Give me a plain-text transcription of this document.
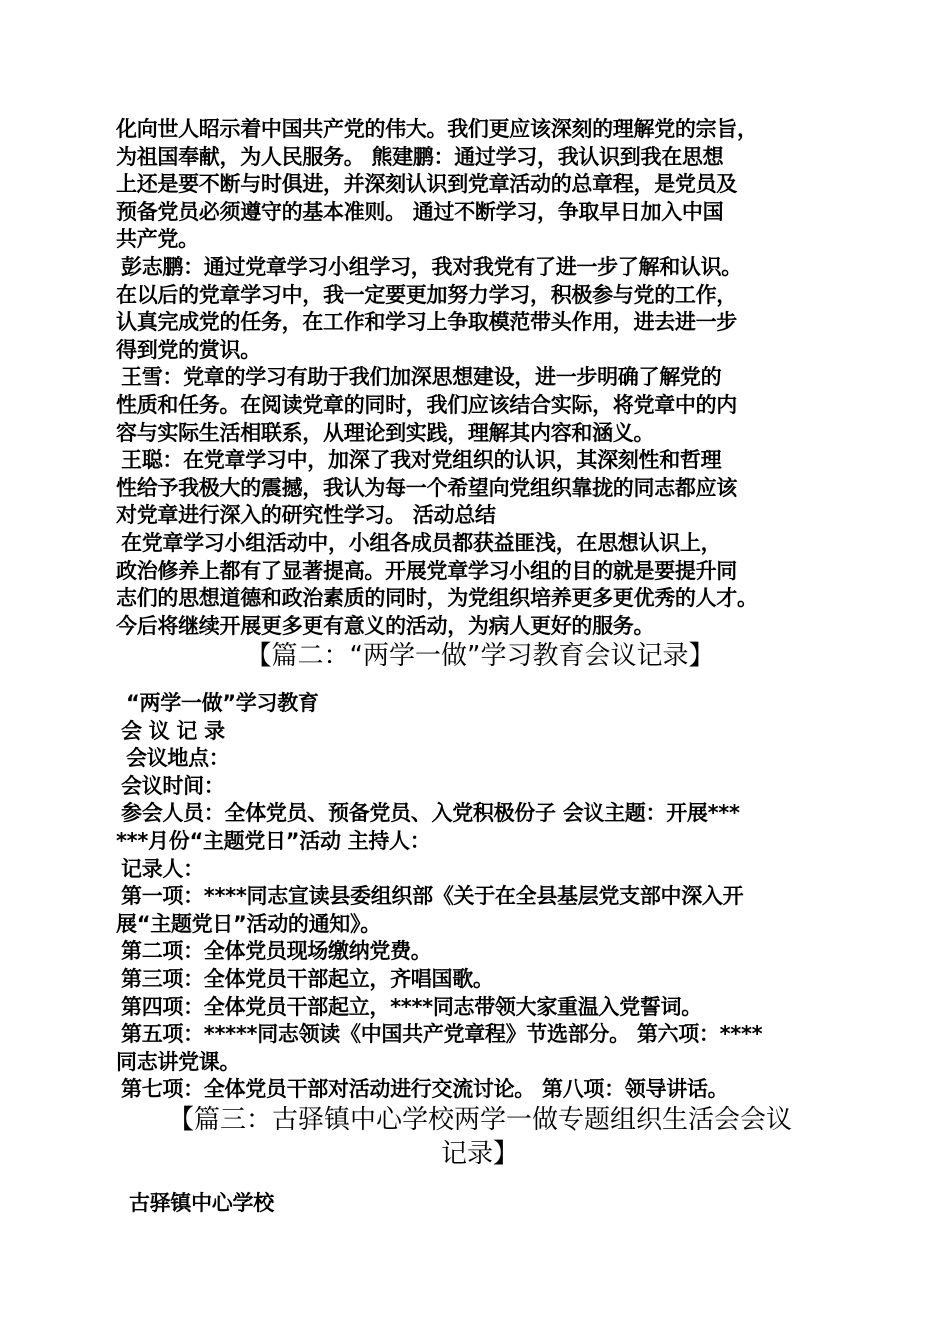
化向世人昭示着中国共产党的伟大。我们更应该深刻的理解党的宗旨，
为祖国奉献，为人民服务。 熊建鹏：通过学习，我认识到我在思想
上还是要不断与时俱进，并深刻认识到党章活动的总章程，是党员及
预备党员必须遵守的基本准则。 通过不断学习，争取早日加入中国
共产党。
彭志鹏：通过党章学习小组学习，我对我党有了进一步了解和认识。
在以后的党章学习中，我一定要更加努力学习，积极参与党的工作，
认真完成党的任务，在工作和学习上争取模范带头作用，进去进一步
得到党的赏识。
王雪：党章的学习有助于我们加深思想建设，进一步明确了解党的
性质和任务。在阅读党章的同时，我们应该结合实际，将党章中的内
容与实际生活相联系，从理论到实践，理解其内容和涵义。
王聪：在党章学习中，加深了我对党组织的认识，其深刻性和哲理
性给予我极大的震撼，我认为每一个希望向党组织靠拢的同志都应该
对党章进行深入的研究性学习。 活动总结
在党章学习小组活动中，小组各成员都获益匪浅，在思想认识上，
政治修养上都有了显著提高。开展党章学习小组的目的就是要提升同
志们的思想道德和政治素质的同时，为党组织培养更多更优秀的人才。
今后将继续开展更多更有意义的活动，为病人更好的服务。
【篇二：“两学一做”学习教育会议记录】
“两学一做”学习教育
会 议 记 录
会议地点：
会议时间：
参会人员：全体党员、预备党员、入党积极份子 会议主题：开展***
***月份“主题党日”活动 主持人：
记录人：
第一项：****同志宣读县委组织部《关于在全县基层党支部中深入开
展“主题党日”活动的通知》。
第二项：全体党员现场缴纳党费。
第三项：全体党员干部起立，齐唱国歌。
第四项：全体党员干部起立，****同志带领大家重温入党誓词。
第五项：*****同志领读《中国共产党章程》节选部分。 第六项：****
同志讲党课。
第七项：全体党员干部对活动进行交流讨论。 第八项：领导讲话。
【篇三：古驿镇中心学校两学一做专题组织生活会会议
记录】
古驿镇中心学校
